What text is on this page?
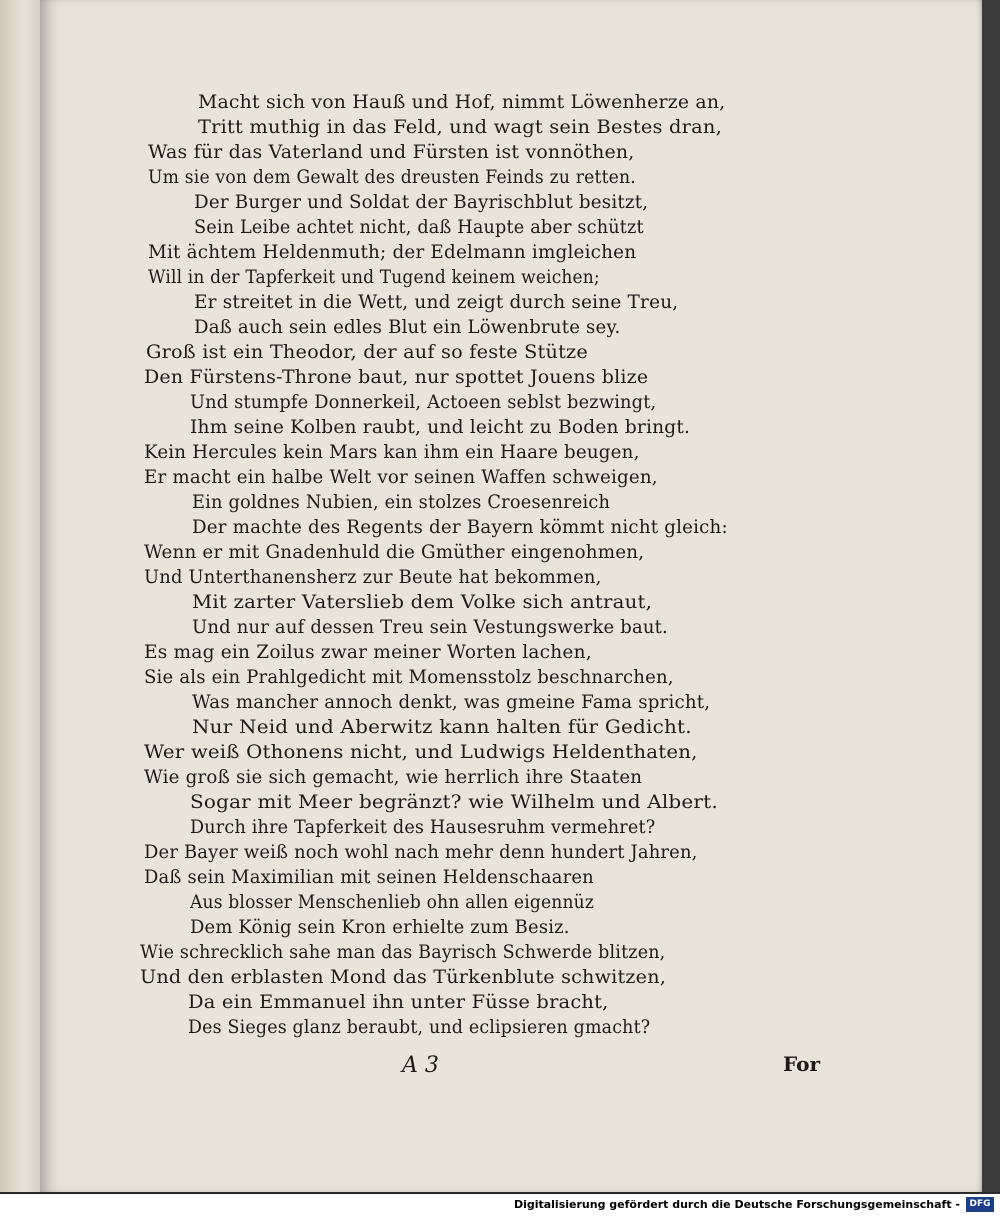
Macht sich von Hauß und Hof, nimmt Löwenherze an,
Tritt muthig in das Feld, und wagt sein Bestes dran,
Was für das Vaterland und Fürsten ist vonnöthen,
Um sie von dem Gewalt des dreusten Feinds zu retten.
Der Burger und Soldat der Bayrischblut besitzt,
Sein Leibe achtet nicht, daß Haupte aber schützt
Mit ächtem Heldenmuth; der Edelmann imgleichen
Will in der Tapferkeit und Tugend keinem weichen;
Er streitet in die Wett, und zeigt durch seine Treu,
Daß auch sein edles Blut ein Löwenbrute sey.
Groß ist ein Theodor, der auf so feste Stütze
Den Fürstens-Throne baut, nur spottet Jouens blize
Und stumpfe Donnerkeil, Actoeen seblst bezwingt,
Ihm seine Kolben raubt, und leicht zu Boden bringt.
Kein Hercules kein Mars kan ihm ein Haare beugen,
Er macht ein halbe Welt vor seinen Waffen schweigen,
Ein goldnes Nubien, ein stolzes Croesenreich
Der machte des Regents der Bayern kömmt nicht gleich:
Wenn er mit Gnadenhuld die Gmüther eingenohmen,
Und Unterthanensherz zur Beute hat bekommen,
Mit zarter Vaterslieb dem Volke sich antraut,
Und nur auf dessen Treu sein Vestungswerke baut.
Es mag ein Zoilus zwar meiner Worten lachen,
Sie als ein Prahlgedicht mit Momensstolz beschnarchen,
Was mancher annoch denkt, was gmeine Fama spricht,
Nur Neid und Aberwitz kann halten für Gedicht.
Wer weiß Othonens nicht, und Ludwigs Heldenthaten,
Wie groß sie sich gemacht, wie herrlich ihre Staaten
Sogar mit Meer begränzt? wie Wilhelm und Albert.
Durch ihre Tapferkeit des Hausesruhm vermehret?
Der Bayer weiß noch wohl nach mehr denn hundert Jahren,
Daß sein Maximilian mit seinen Heldenschaaren
Aus blosser Menschenlieb ohn allen eigennüz
Dem König sein Kron erhielte zum Besiz.
Wie schrecklich sahe man das Bayrisch Schwerde blitzen,
Und den erblasten Mond das Türkenblute schwitzen,
Da ein Emmanuel ihn unter Füsse bracht,
Des Sieges glanz beraubt, und eclipsieren gmacht?
A 3	For
Digitalisierung gefördert durch die Deutsche Forschungsgemeinschaft -	DFG
